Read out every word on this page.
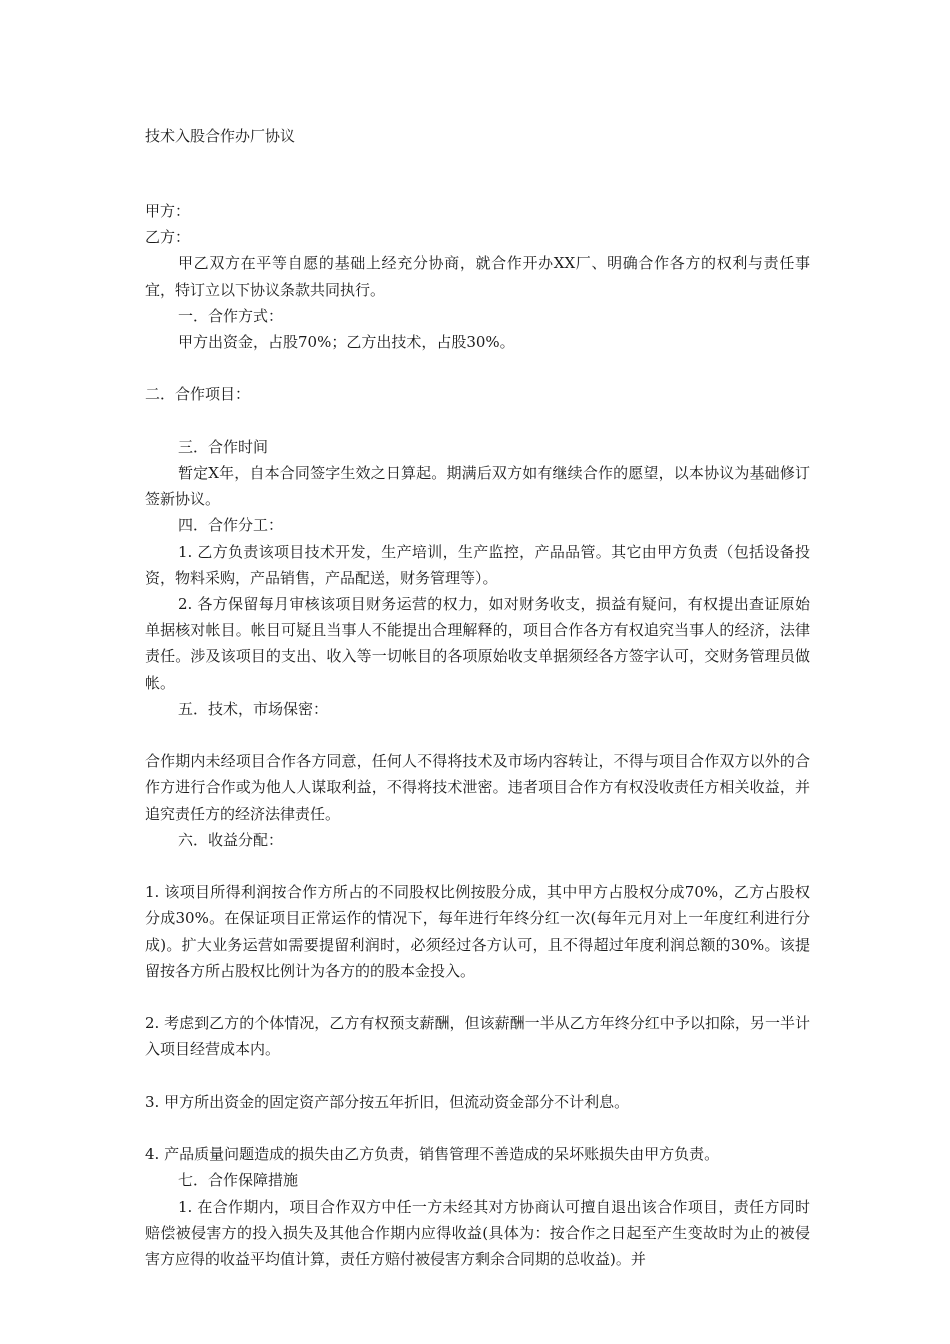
技术入股合作办厂协议

甲方：

乙方：

甲乙双方在平等自愿的基础上经充分协商，就合作开办XX厂、明确合作各方的权利与责任事宜，特订立以下协议条款共同执行。

一．合作方式：

甲方出资金，占股70%；乙方出技术，占股30%。

二．合作项目：

三．合作时间

暂定X年，自本合同签字生效之日算起。期满后双方如有继续合作的愿望，以本协议为基础修订签新协议。

四．合作分工：

1. 乙方负责该项目技术开发，生产培训，生产监控，产品品管。其它由甲方负责（包括设备投资，物料采购，产品销售，产品配送，财务管理等）。

2. 各方保留每月审核该项目财务运营的权力，如对财务收支，损益有疑问，有权提出查证原始单据核对帐目。帐目可疑且当事人不能提出合理解释的，项目合作各方有权追究当事人的经济，法律责任。涉及该项目的支出、收入等一切帐目的各项原始收支单据须经各方签字认可，交财务管理员做帐。

五．技术，市场保密：

合作期内未经项目合作各方同意，任何人不得将技术及市场内容转让，不得与项目合作双方以外的合作方进行合作或为他人人谋取利益，不得将技术泄密。违者项目合作方有权没收责任方相关收益，并追究责任方的经济法律责任。

六．收益分配：

1. 该项目所得利润按合作方所占的不同股权比例按股分成，其中甲方占股权分成70%，乙方占股权分成30%。在保证项目正常运作的情况下，每年进行年终分红一次(每年元月对上一年度红利进行分成)。扩大业务运营如需要提留利润时，必须经过各方认可，且不得超过年度利润总额的30%。该提留按各方所占股权比例计为各方的的股本金投入。

2. 考虑到乙方的个体情况，乙方有权预支薪酬，但该薪酬一半从乙方年终分红中予以扣除，另一半计入项目经营成本内。

3. 甲方所出资金的固定资产部分按五年折旧，但流动资金部分不计利息。

4. 产品质量问题造成的损失由乙方负责，销售管理不善造成的呆坏账损失由甲方负责。

七．合作保障措施

1. 在合作期内，项目合作双方中任一方未经其对方协商认可擅自退出该合作项目，责任方同时赔偿被侵害方的投入损失及其他合作期内应得收益(具体为：按合作之日起至产生变故时为止的被侵害方应得的收益平均值计算，责任方赔付被侵害方剩余合同期的总收益)。并
